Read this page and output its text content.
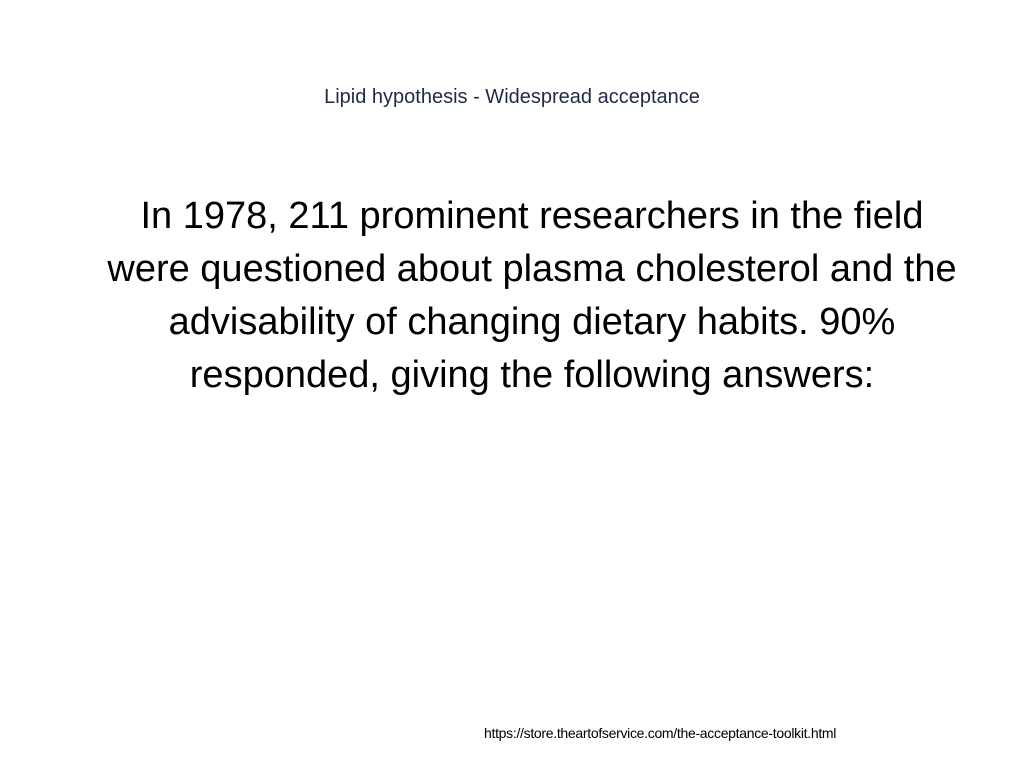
Lipid hypothesis - Widespread acceptance
In 1978, 211 prominent researchers in the field were questioned about plasma cholesterol and the advisability of changing dietary habits. 90% responded, giving the following answers:
https://store.theartofservice.com/the-acceptance-toolkit.html
